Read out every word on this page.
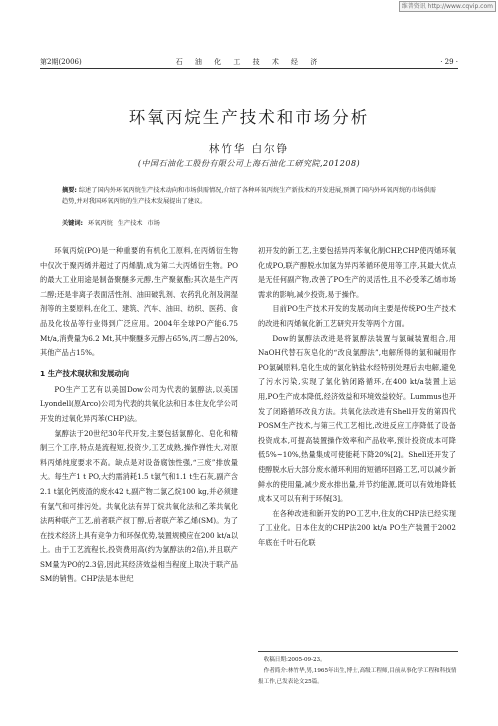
维普资讯 http://www.cqvip.com
第2期(2006)	石 油 化 工 技 术 经 济	· 29 ·
环氧丙烷生产技术和市场分析
林竹华 白尔铮
(中国石油化工股份有限公司上海石油化工研究院,201208)
摘要: 综述了国内外环氧丙烷生产技术动向和市场供需情况,介绍了各种环氧丙烷生产新技术的开发进展,预测了国内外环氧丙烷的市场供需趋势,并对我国环氧丙烷的生产技术发展提出了建议。
关键词: 环氧丙烷 生产技术 市场

环氧丙烷(PO)是一种重要的有机化工原料,在丙烯衍生物中仅次于聚丙烯并超过了丙烯腈,成为第二大丙烯衍生物。PO的最大工业用途是制备聚醚多元醇,生产聚氨酯;其次是生产丙二醇;还是非离子表面活性剂、油田破乳剂、农药乳化剂及润湿剂等的主要原料,在化工、建筑、汽车、油田、纺织、医药、食品及化妆品等行业得到广泛应用。2004年全球PO产能6.75 Mt/a,消费量为6.2 Mt,其中聚醚多元醇占65%,丙二醇占20%,其他产品占15%。

1 生产技术现状和发展动向

PO生产工艺有以美国Dow公司为代表的氯醇法,以美国Lyondell(原Arco)公司为代表的共氧化法和日本住友化学公司开发的过氧化异丙苯(CHP)法。

氯醇法于20世纪30年代开发,主要包括氯醇化、皂化和精制三个工序,特点是流程短,投资少,工艺成熟,操作弹性大,对原料丙烯纯度要求不高。缺点是对设备腐蚀性强,“三废”排放量大。每生产1 t PO,大约需消耗1.5 t氯气和1.1 t生石灰,副产含2.1 t氯化钙废渣的废水42 t,副产物二氯乙烷100 kg,并必须建有氯气和可排污处。共氧化法有异丁烷共氧化法和乙苯共氧化法两种联产工艺,前者联产叔丁醇,后者联产苯乙烯(SM)。为了在技术经济上具有竞争力和环保优势,装置规模应在200 kt/a以上。由于工艺流程长,投资费用高(约为氯醇法的2倍),并且联产SM量为PO的2.3倍,因此其经济效益相当程度上取决于联产品SM的销售。CHP法是本世纪

初开发的新工艺,主要包括异丙苯氧化制CHP,CHP使丙烯环氧化成PO,联产醇脱水加氢为异丙苯循环使用等工序,其最大优点是无任何副产物,改善了PO生产的灵活性,且不必受苯乙烯市场需求的影响,减少投资,易于操作。

目前PO生产技术开发的发展动向主要是传统PO生产技术的改进和丙烯氧化新工艺研究开发等两个方面。

Dow的氯醇法改进是将氯醇法装置与氯碱装置组合,用NaOH代替石灰皂化的“改良氯醇法”,电解所得的氯和碱用作PO氯碱原料,皂化生成的氯化钠盐水经特别处理后去电解,避免了污水污染,实现了氯化钠闭路循环,在400 kt/a装置上运用,PO生产成本降低,经济效益和环境效益较好。Lummus也开发了闭路循环改良方法。共氧化法改进有Shell开发的第四代POSM生产技术,与第三代工艺相比,改进反应工序降低了设备投资成本,可提高装置操作效率和产品收率,预计投资成本可降低5%~10%,热量集成可使能耗下降20%[2]。Shell还开发了使醇脱水后大部分废水循环利用的短循环回路工艺,可以减少新鲜水的使用量,减少废水排出量,并节约能源,既可以有效地降低成本又可以有利于环保[3]。

在各种改进和新开发的PO工艺中,住友的CHP法已经实现了工业化。日本住友的CHP法200 kt/a PO生产装置于2002年底在千叶石化联

收稿日期:2005-09-23。
作者简介:林竹华,男,1965年出生,博士,高级工程师,目前从事化学工程和科技情报工作,已发表论文25篇。
